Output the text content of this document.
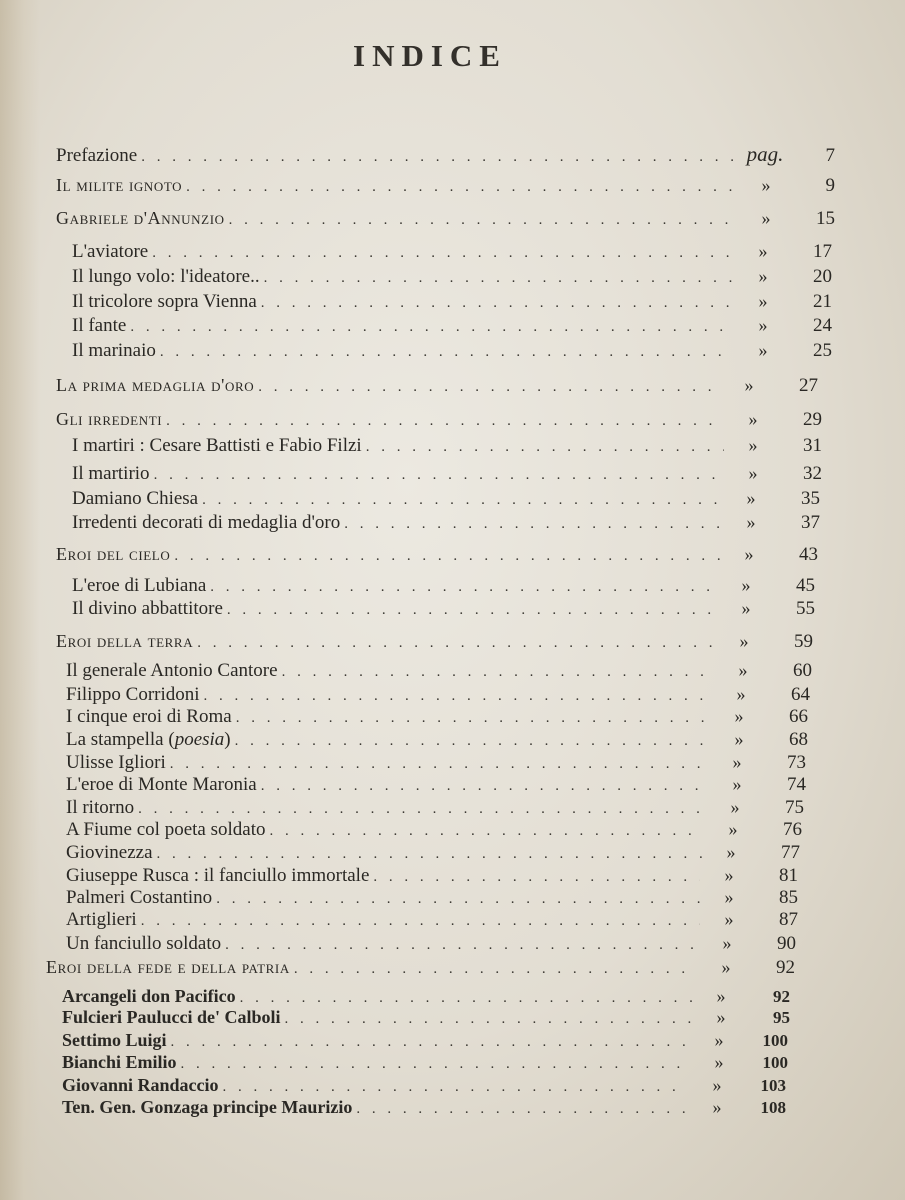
INDICE
Prefazione . . .	pag.	7
Il milite ignoto . . .	»	9
Gabriele d'Annunzio . . .	»	15
L'aviatore . . .	»	17
Il lungo volo: l'ideatore.. . . .	»	20
Il tricolore sopra Vienna . . .	»	21
Il fante . . .	»	24
Il marinaio . . .	»	25
La prima medaglia d'oro . . .	»	27
Gli irredenti . . .	»	29
I martiri : Cesare Battisti e Fabio Filzi . . .	»	31
Il martirio . . .	»	32
Damiano Chiesa . . .	»	35
Irredenti decorati di medaglia d'oro . . .	»	37
Eroi del cielo . . .	»	43
L'eroe di Lubiana . . .	»	45
Il divino abbattitore . . .	»	55
Eroi della terra . . .	»	59
Il generale Antonio Cantore . . .	»	60
Filippo Corridoni . . .	»	64
I cinque eroi di Roma . . .	»	66
La stampella (poesia) . . .	»	68
Ulisse Igliori . . .	»	73
L'eroe di Monte Maronia . . .	»	74
Il ritorno . . .	»	75
A Fiume col poeta soldato . . .	»	76
Giovinezza . . .	»	77
Giuseppe Rusca : il fanciullo immortale . . .	»	81
Palmeri Costantino . . .	»	85
Artiglieri . . .	»	87
Un fanciullo soldato . . .	»	90
Eroi della fede e della patria . . .	»	92
Arcangeli don Pacifico . . .	»	92
Fulcieri Paulucci de' Calboli . . .	»	95
Settimo Luigi . . .	»	100
Bianchi Emilio . . .	»	100
Giovanni Randaccio . . .	»	103
Ten. Gen. Gonzaga principe Maurizio . . .	»	108
